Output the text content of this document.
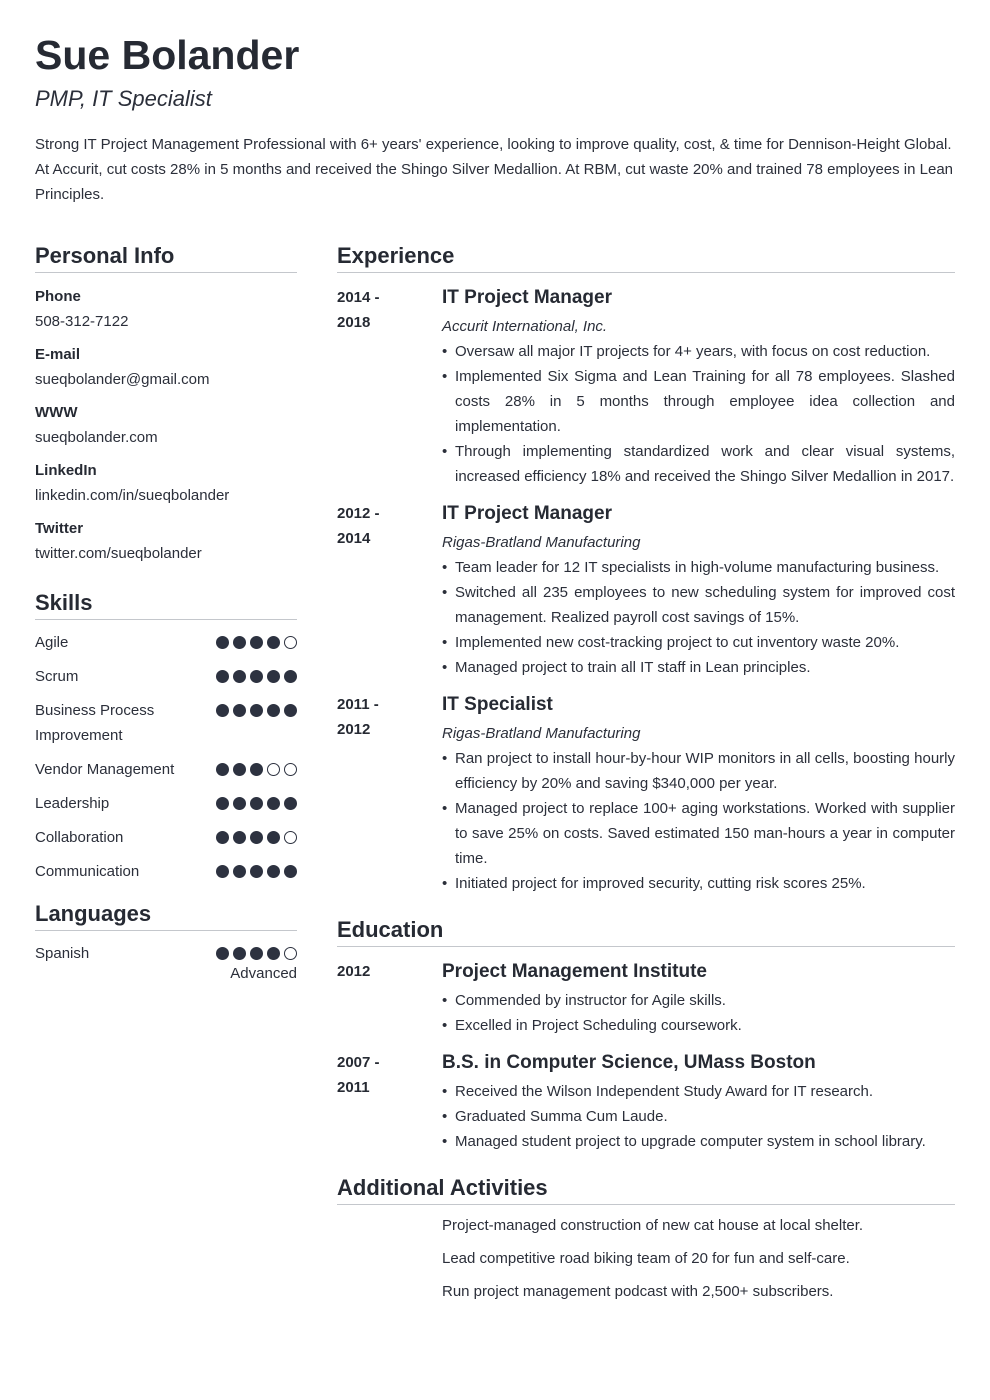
Sue Bolander
PMP, IT Specialist

Strong IT Project Management Professional with 6+ years' experience, looking to improve quality, cost, & time for Dennison-Height Global. At Accurit, cut costs 28% in 5 months and received the Shingo Silver Medallion. At RBM, cut waste 20% and trained 78 employees in Lean Principles.

Personal Info
Phone
508-312-7122
E-mail
sueqbolander@gmail.com
WWW
sueqbolander.com
LinkedIn
linkedin.com/in/sueqbolander
Twitter
twitter.com/sueqbolander
Skills
Agile
Scrum
Business Process Improvement
Vendor Management
Leadership
Collaboration
Communication
Languages
Spanish
Advanced
Experience
2014 -
2018
IT Project Manager
Accurit International, Inc.
• Oversaw all major IT projects for 4+ years, with focus on cost reduction.
• Implemented Six Sigma and Lean Training for all 78 employees. Slashed costs 28% in 5 months through employee idea collection and implementation.
• Through implementing standardized work and clear visual systems, increased efficiency 18% and received the Shingo Silver Medallion in 2017.
2012 -
2014
IT Project Manager
Rigas-Bratland Manufacturing
• Team leader for 12 IT specialists in high-volume manufacturing business.
• Switched all 235 employees to new scheduling system for improved cost management. Realized payroll cost savings of 15%.
• Implemented new cost-tracking project to cut inventory waste 20%.
• Managed project to train all IT staff in Lean principles.
2011 -
2012
IT Specialist
Rigas-Bratland Manufacturing
• Ran project to install hour-by-hour WIP monitors in all cells, boosting hourly efficiency by 20% and saving $340,000 per year.
• Managed project to replace 100+ aging workstations. Worked with supplier to save 25% on costs. Saved estimated 150 man-hours a year in computer time.
• Initiated project for improved security, cutting risk scores 25%.
Education
2012	Project Management Institute
• Commended by instructor for Agile skills.
• Excelled in Project Scheduling coursework.
2007 -
2011
B.S. in Computer Science, UMass Boston
• Received the Wilson Independent Study Award for IT research.
• Graduated Summa Cum Laude.
• Managed student project to upgrade computer system in school library.
Additional Activities
Project-managed construction of new cat house at local shelter.
Lead competitive road biking team of 20 for fun and self-care.
Run project management podcast with 2,500+ subscribers.
